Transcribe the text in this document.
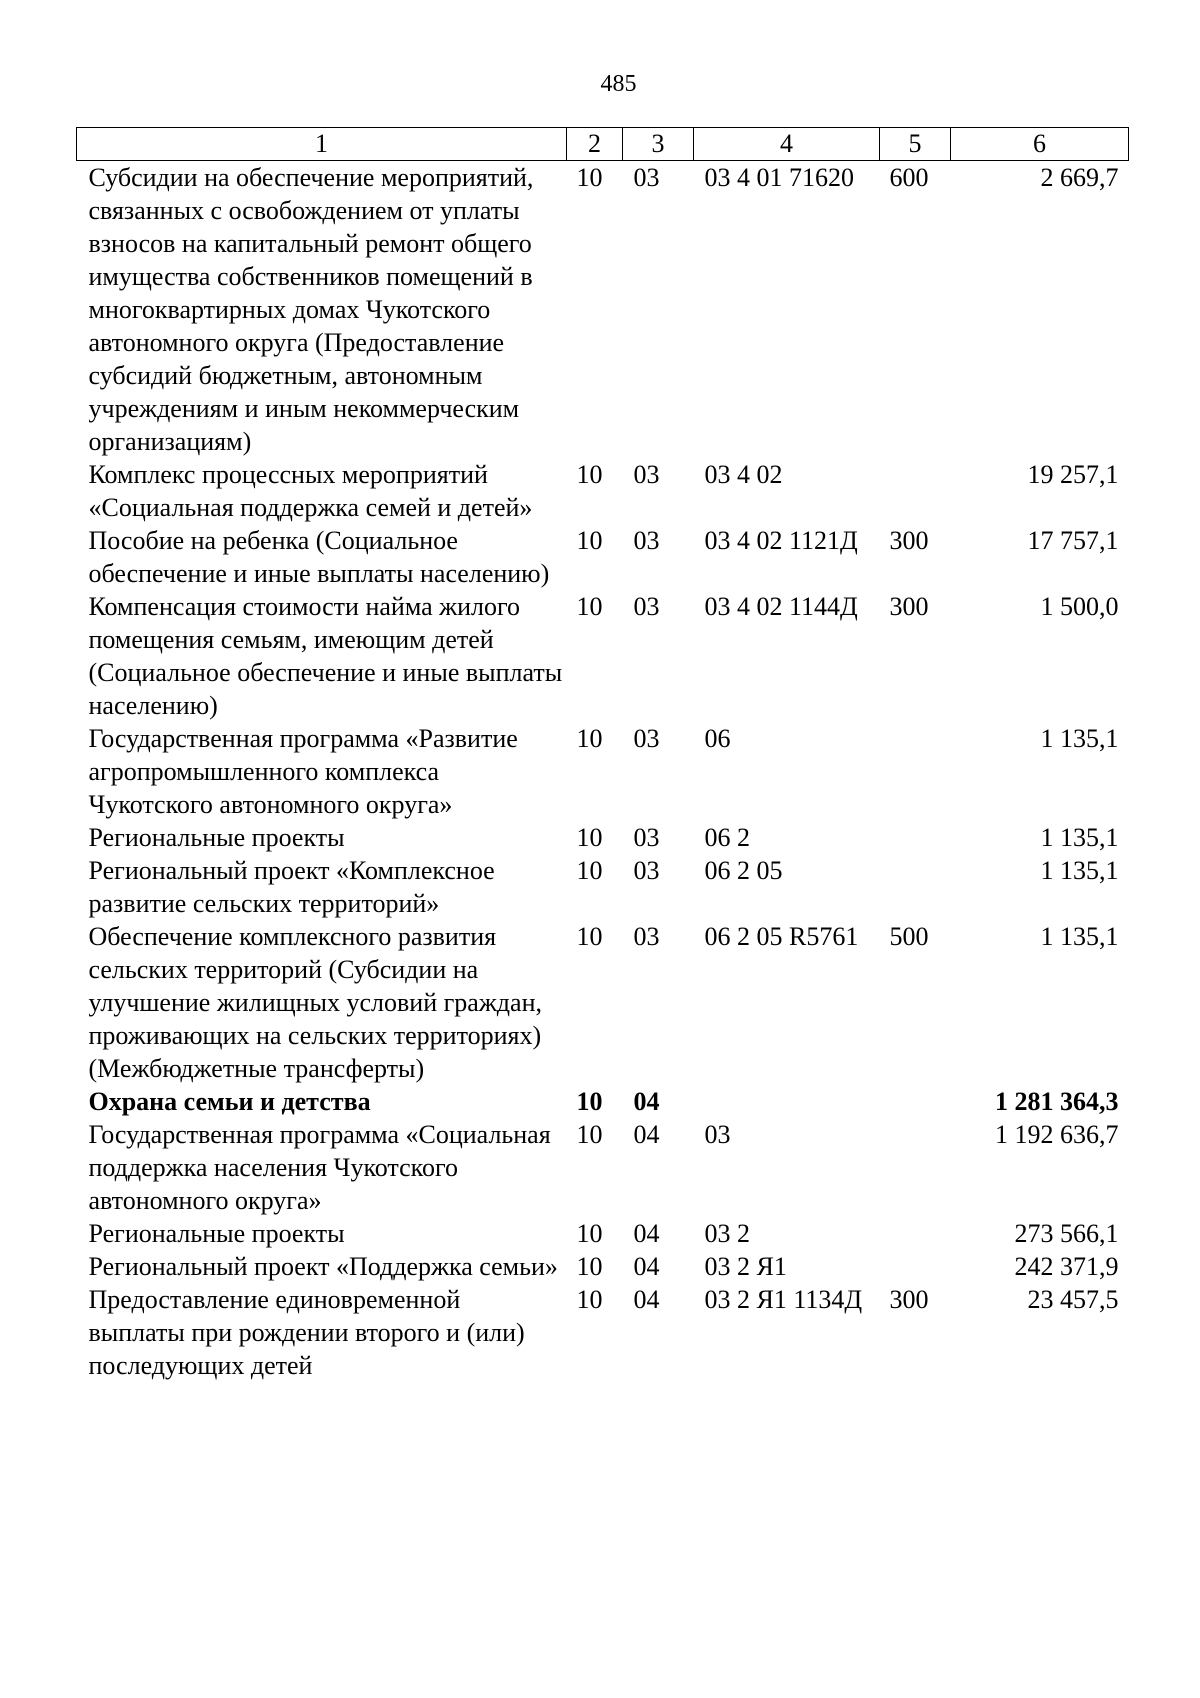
485
1	2	3	4	5	6
Субсидии на обеспечение мероприятий, связанных с освобождением от уплаты взносов на капитальный ремонт общего имущества собственников помещений в многоквартирных домах Чукотского автономного округа (Предоставление субсидий бюджетным, автономным учреждениям и иным некоммерческим организациям)	10	03	03 4 01 71620	600	2 669,7
Комплекс процессных мероприятий «Социальная поддержка семей и детей»	10	03	03 4 02		19 257,1
Пособие на ребенка (Социальное обеспечение и иные выплаты населению)	10	03	03 4 02 1121Д	300	17 757,1
Компенсация стоимости найма жилого помещения семьям, имеющим детей (Социальное обеспечение и иные выплаты населению)	10	03	03 4 02 1144Д	300	1 500,0
Государственная программа «Развитие агропромышленного комплекса Чукотского автономного округа»	10	03	06		1 135,1
Региональные проекты	10	03	06 2		1 135,1
Региональный проект «Комплексное развитие сельских территорий»	10	03	06 2 05		1 135,1
Обеспечение комплексного развития сельских территорий (Субсидии на улучшение жилищных условий граждан, проживающих на сельских территориях) (Межбюджетные трансферты)	10	03	06 2 05 R5761	500	1 135,1
Охрана семьи и детства	10	04			1 281 364,3
Государственная программа «Социальная поддержка населения Чукотского автономного округа»	10	04	03		1 192 636,7
Региональные проекты	10	04	03 2		273 566,1
Региональный проект «Поддержка семьи»	10	04	03 2 Я1		242 371,9
Предоставление единовременной выплаты при рождении второго и (или) последующих детей	10	04	03 2 Я1 1134Д	300	23 457,5
